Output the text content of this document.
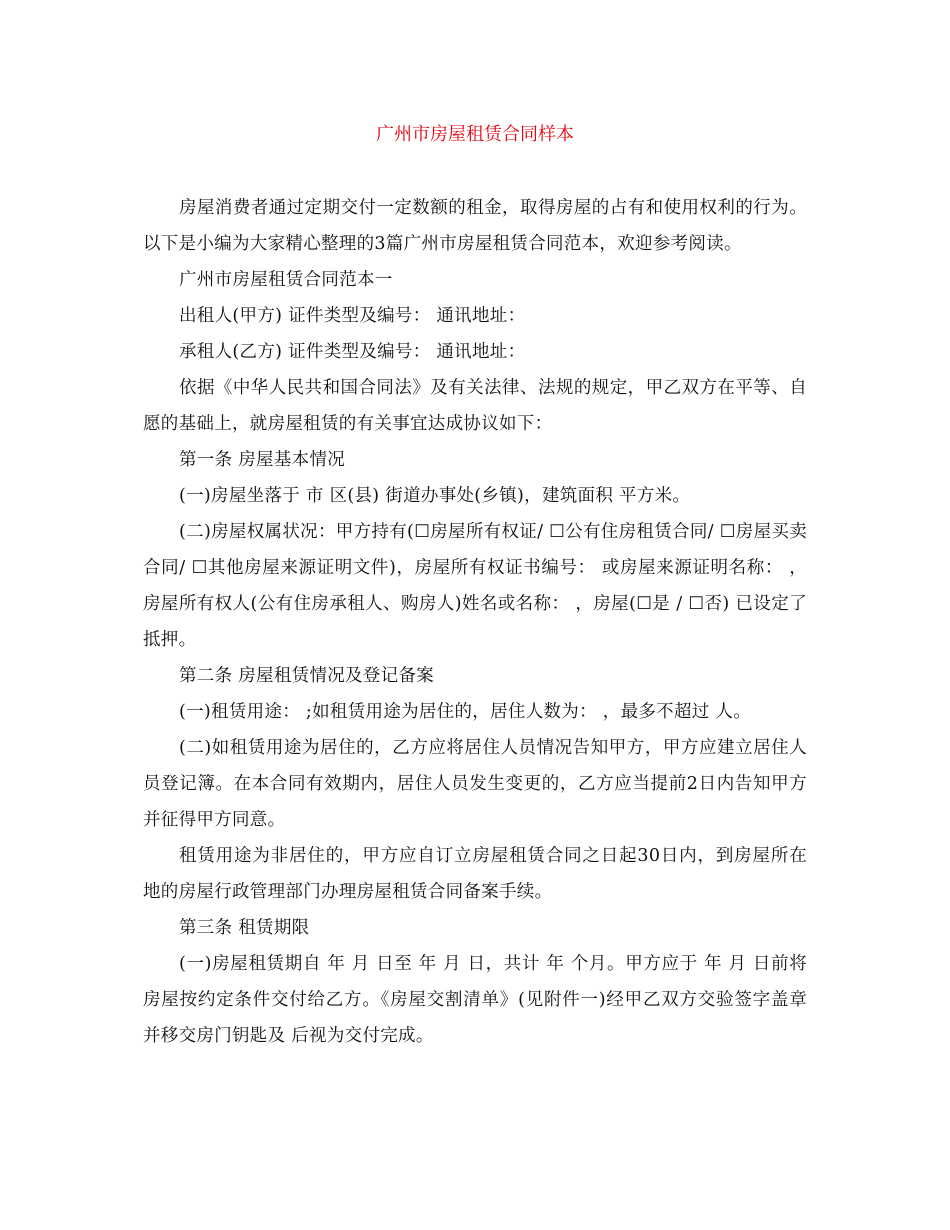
广州市房屋租赁合同样本

房屋消费者通过定期交付一定数额的租金，取得房屋的占有和使用权利的行为。以下是小编为大家精心整理的3篇广州市房屋租赁合同范本，欢迎参考阅读。

广州市房屋租赁合同范本一

出租人(甲方) 证件类型及编号： 通讯地址：

承租人(乙方) 证件类型及编号： 通讯地址：

依据《中华人民共和国合同法》及有关法律、法规的规定，甲乙双方在平等、自愿的基础上，就房屋租赁的有关事宜达成协议如下：

第一条 房屋基本情况

(一)房屋坐落于 市 区(县) 街道办事处(乡镇)，建筑面积 平方米。

(二)房屋权属状况：甲方持有(☐房屋所有权证/ ☐公有住房租赁合同/ ☐房屋买卖合同/ ☐其他房屋来源证明文件)，房屋所有权证书编号： 或房屋来源证明名称： ，房屋所有权人(公有住房承租人、购房人)姓名或名称： ，房屋(☐是 / ☐否) 已设定了抵押。

第二条 房屋租赁情况及登记备案

(一)租赁用途： ;如租赁用途为居住的，居住人数为： ，最多不超过 人。

(二)如租赁用途为居住的，乙方应将居住人员情况告知甲方，甲方应建立居住人员登记簿。在本合同有效期内，居住人员发生变更的，乙方应当提前2日内告知甲方并征得甲方同意。

租赁用途为非居住的，甲方应自订立房屋租赁合同之日起30日内，到房屋所在地的房屋行政管理部门办理房屋租赁合同备案手续。

第三条 租赁期限

(一)房屋租赁期自 年 月 日至 年 月 日，共计 年 个月。甲方应于 年 月 日前将房屋按约定条件交付给乙方。《房屋交割清单》(见附件一)经甲乙双方交验签字盖章并移交房门钥匙及 后视为交付完成。
